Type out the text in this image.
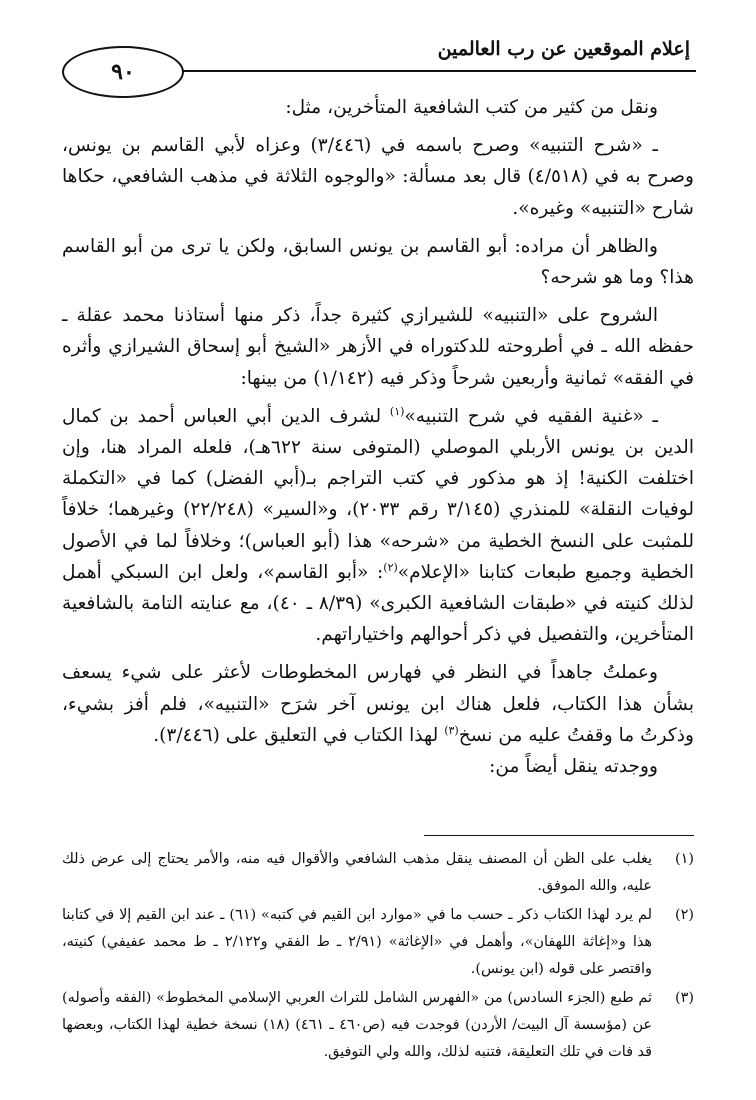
إعلام الموقعين عن رب العالمين
٩٠

ونقل من كثير من كتب الشافعية المتأخرين، مثل:

ـ «شرح التنبيه» وصرح باسمه في (٣/٤٤٦) وعزاه لأبي القاسم بن يونس، وصرح به في (٤/٥١٨) قال بعد مسألة: «والوجوه الثلاثة في مذهب الشافعي، حكاها شارح «التنبيه» وغيره».

والظاهر أن مراده: أبو القاسم بن يونس السابق، ولكن يا ترى من أبو القاسم هذا؟ وما هو شرحه؟

الشروح على «التنبيه» للشيرازي كثيرة جداً، ذكر منها أستاذنا محمد عقلة ـ حفظه الله ـ في أطروحته للدكتوراه في الأزهر «الشيخ أبو إسحاق الشيرازي وأثره في الفقه» ثمانية وأربعين شرحاً وذكر فيه (١/١٤٢) من بينها:

ـ «غنية الفقيه في شرح التنبيه»$^{(١)}$ لشرف الدين أبي العباس أحمد بن كمال الدين بن يونس الأربلي الموصلي (المتوفى سنة ٦٢٢هـ)، فلعله المراد هنا، وإن اختلفت الكنية! إذ هو مذكور في كتب التراجم بـ(أبي الفضل) كما في «التكملة لوفيات النقلة» للمنذري (٣/١٤٥ رقم ٢٠٣٣)، و«السير» (٢٢/٢٤٨) وغيرهما؛ خلافاً للمثبت على النسخ الخطية من «شرحه» هذا (أبو العباس)؛ وخلافاً لما في الأصول الخطية وجميع طبعات كتابنا «الإعلام»$^{(٢)}$: «أبو القاسم»، ولعل ابن السبكي أهمل لذلك كنيته في «طبقات الشافعية الكبرى» (٨/٣٩ ـ ٤٠)، مع عنايته التامة بالشافعية المتأخرين، والتفصيل في ذكر أحوالهم واختياراتهم.

وعملتُ جاهداً في النظر في فهارس المخطوطات لأعثر على شيء يسعف بشأن هذا الكتاب، فلعل هناك ابن يونس آخر شرَح «التنبيه»، فلم أفز بشيء، وذكرتُ ما وقفتُ عليه من نسخ$^{(٣)}$ لهذا الكتاب في التعليق على (٣/٤٤٦).

ووجدته ينقل أيضاً من:

(١)
يغلب على الظن أن المصنف ينقل مذهب الشافعي والأقوال فيه منه، والأمر يحتاج إلى عرض ذلك عليه، والله الموفق.
(٢)
لم يرد لهذا الكتاب ذكر ـ حسب ما في «موارد ابن القيم في كتبه» (٦١) ـ عند ابن القيم إلا في كتابنا هذا و«إغاثة اللهفان»، وأهمل في «الإغاثة» (٢/٩١ ـ ط الفقي و٢/١٢٢ ـ ط محمد عفيفي) كنيته، واقتصر على قوله (ابن يونس).
(٣)
ثم طبع (الجزء السادس) من «الفهرس الشامل للتراث العربي الإسلامي المخطوط» (الفقه وأصوله) عن (مؤسسة آل البيت/ الأردن) فوجدت فيه (ص٤٦٠ ـ ٤٦١) (١٨) نسخة خطية لهذا الكتاب، وبعضها قد فات في تلك التعليقة، فتنبه لذلك، والله ولي التوفيق.
